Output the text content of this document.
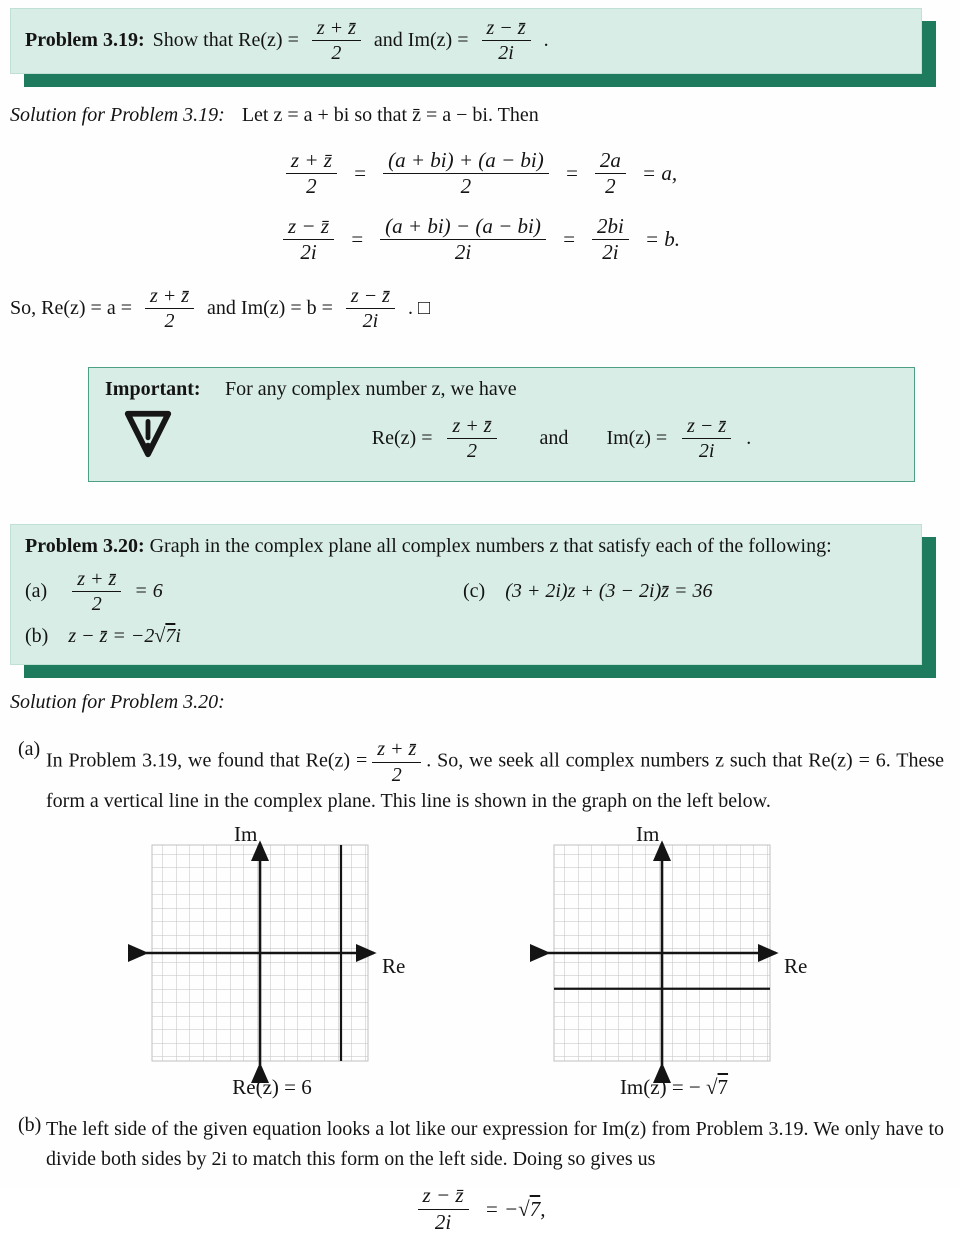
Problem 3.19: Show that $Re(z) = \frac{z + z̄}{2}$ and $Im(z) = \frac{z - z̄}{2i}$ .

Solution for Problem 3.19: Let z = a + bi so that z̄ = a − bi. Then

$\frac{z + z̄}{2} = \frac{(a + bi) + (a - bi)}{2} = \frac{2a}{2} = a$,
$\frac{z - z̄}{2i} = \frac{(a + bi) - (a - bi)}{2i} = \frac{2bi}{2i} = b$.
So, $Re(z) = a = \frac{z + z̄}{2}$ and $Im(z) = b = \frac{z - z̄}{2i}$ . □
Important: For any complex number z, we have
$Re(z) = \frac{z + z̄}{2}$ and $Im(z) = \frac{z - z̄}{2i}$ .
Problem 3.20: Graph in the complex plane all complex numbers z that satisfy each of the following:
$(a) \frac{z + z̄}{2} = 6$	(c) (3 + 2i)z + (3 − 2i)z̄ = 36
(b) z − z̄ = −2√7i

Solution for Problem 3.20:

(a)
In Problem 3.19, we found that $Re(z) = \frac{z + z̄}{2}$ . So, we seek all complex numbers z such that Re(z) = 6. These form a vertical line in the complex plane. This line is shown in the graph on the left below.
Im
Re
Re(z) = 6
Im
Re
Im(z) = − √7
(b) The left side of the given equation looks a lot like our expression for Im(z) from Problem 3.19. We only have to divide both sides by 2i to match this form on the left side. Doing so gives us
$\frac{z - z̄}{2i} = -√7$,
